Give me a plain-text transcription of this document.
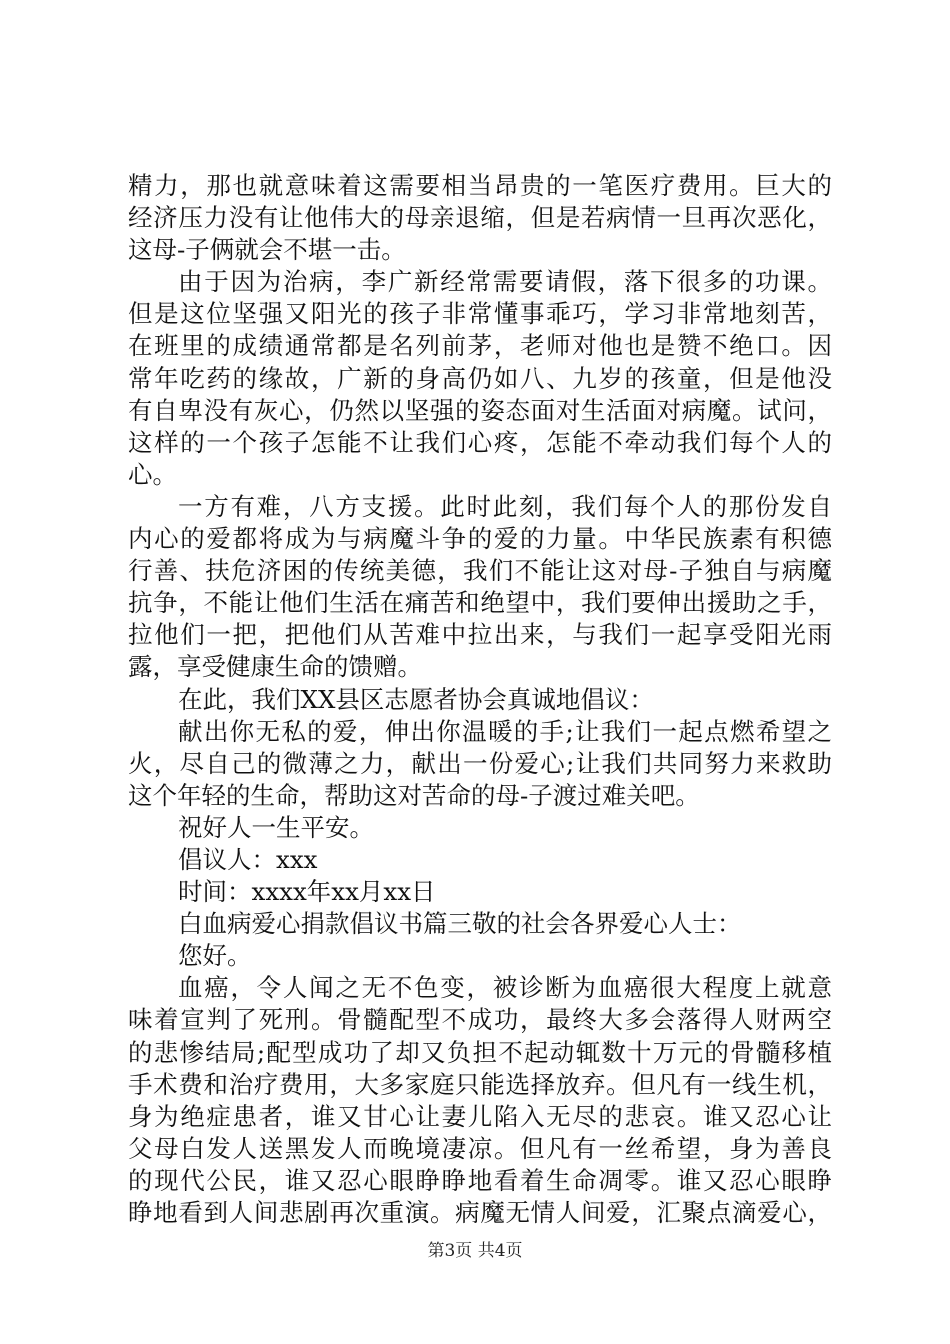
精力，那也就意味着这需要相当昂贵的一笔医疗费用。巨大的
经济压力没有让他伟大的母亲退缩，但是若病情一旦再次恶化，
这母-子俩就会不堪一击。
由于因为治病，李广新经常需要请假，落下很多的功课。
但是这位坚强又阳光的孩子非常懂事乖巧，学习非常地刻苦，
在班里的成绩通常都是名列前茅，老师对他也是赞不绝口。因
常年吃药的缘故，广新的身高仍如八、九岁的孩童，但是他没
有自卑没有灰心，仍然以坚强的姿态面对生活面对病魔。试问，
这样的一个孩子怎能不让我们心疼，怎能不牵动我们每个人的
心。
一方有难，八方支援。此时此刻，我们每个人的那份发自
内心的爱都将成为与病魔斗争的爱的力量。中华民族素有积德
行善、扶危济困的传统美德，我们不能让这对母-子独自与病魔
抗争，不能让他们生活在痛苦和绝望中，我们要伸出援助之手，
拉他们一把，把他们从苦难中拉出来，与我们一起享受阳光雨
露，享受健康生命的馈赠。
在此，我们XX县区志愿者协会真诚地倡议：
献出你无私的爱，伸出你温暖的手;让我们一起点燃希望之
火，尽自己的微薄之力，献出一份爱心;让我们共同努力来救助
这个年轻的生命，帮助这对苦命的母-子渡过难关吧。
祝好人一生平安。
倡议人：xxx
时间：xxxx年xx月xx日
白血病爱心捐款倡议书篇三敬的社会各界爱心人士：
您好。
血癌，令人闻之无不色变，被诊断为血癌很大程度上就意
味着宣判了死刑。骨髓配型不成功，最终大多会落得人财两空
的悲惨结局;配型成功了却又负担不起动辄数十万元的骨髓移植
手术费和治疗费用，大多家庭只能选择放弃。但凡有一线生机，
身为绝症患者，谁又甘心让妻儿陷入无尽的悲哀。谁又忍心让
父母白发人送黑发人而晚境凄凉。但凡有一丝希望，身为善良
的现代公民，谁又忍心眼睁睁地看着生命凋零。谁又忍心眼睁
睁地看到人间悲剧再次重演。病魔无情人间爱，汇聚点滴爱心，
第3页 共4页
